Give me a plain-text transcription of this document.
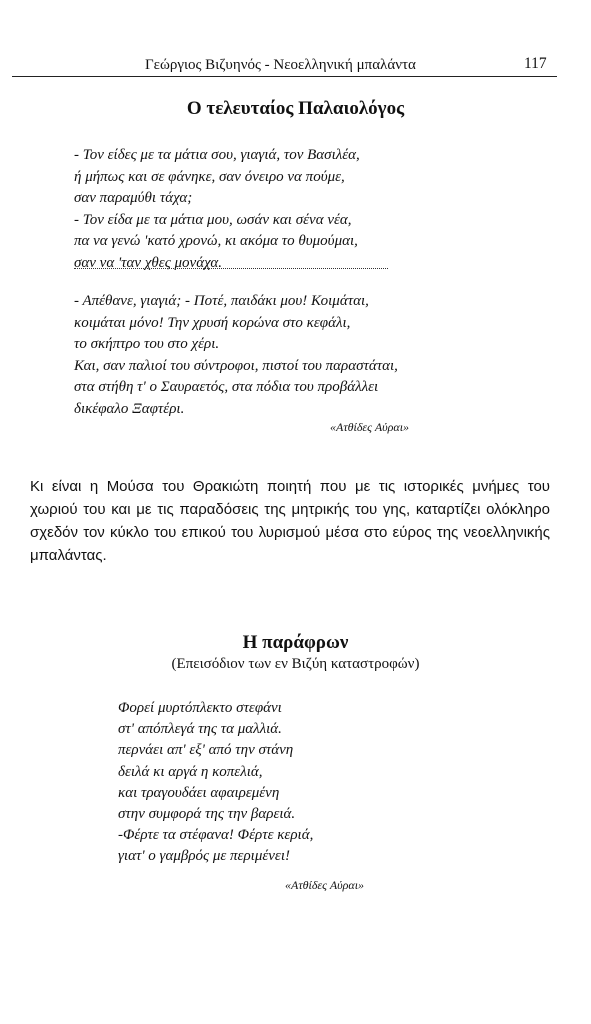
Γεώργιος Βιζυηνός - Νεοελληνική μπαλάντα	117
Ο τελευταίος Παλαιολόγος
- Τον είδες με τα μάτια σου, γιαγιά, τον Βασιλέα,
ή μήπως και σε φάνηκε, σαν όνειρο να πούμε,
σαν παραμύθι τάχα;
- Τον είδα με τα μάτια μου, ωσάν και σένα νέα,
πα να γενώ 'κατό χρονώ, κι ακόμα το θυμούμαι,
σαν να 'ταν χθες μονάχα.
- Απέθανε, γιαγιά; - Ποτέ, παιδάκι μου! Κοιμάται,
κοιμάται μόνο! Την χρυσή κορώνα στο κεφάλι,
το σκήπτρο του στο χέρι.
Και, σαν παλιοί του σύντροφοι, πιστοί του παραστάται,
στα στήθη τ' ο Σαυραετός, στα πόδια του προβάλλει
δικέφαλο Ξαφτέρι.
«Ατθίδες Αύραι»
Κι είναι η Μούσα του Θρακιώτη ποιητή που με τις ιστορικές μνήμες του
χωριού του και με τις παραδόσεις της μητρικής του γης, καταρτίζει ολόκληρο
σχεδόν τον κύκλο του επικού του λυρισμού μέσα στο εύρος της νεοελληνικής
μπαλάντας.
Η παράφρων
(Επεισόδιον των εν Βιζύη καταστροφών)
Φορεί μυρτόπλεκτο στεφάνι
στ' απόπλεγά της τα μαλλιά.
περνάει απ' εξ' από την στάνη
δειλά κι αργά η κοπελιά,
και τραγουδάει αφαιρεμένη
στην συμφορά της την βαρειά.
-Φέρτε τα στέφανα! Φέρτε κεριά,
γιατ' ο γαμβρός με περιμένει!
«Ατθίδες Αύραι»
